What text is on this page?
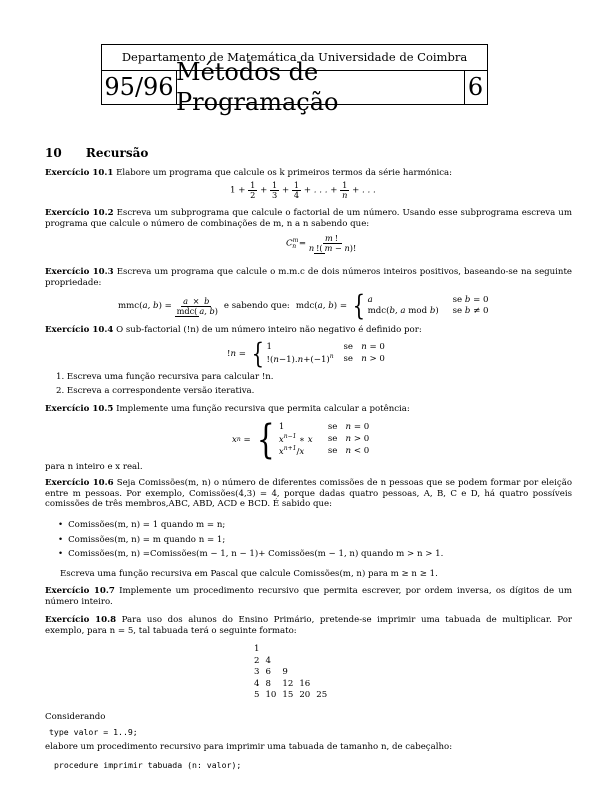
Departamento de Matemática da Universidade de Coimbra
95/96
Métodos de Programação
6
10 Recursão
Exercício 10.1 Elabore um programa que calcule os k primeiros termos da série harmónica:
$1 + \frac{1}{2} + \frac{1}{3} + \frac{1}{4}$ + . . . + $\frac{1}{n}$ + . . .
Exercício 10.2 Escreva um subprograma que calcule o factorial de um número. Usando esse subprograma escreva um programa que calcule o número de combinações de m, n a n sabendo que:
$C^m_n = \frac{m !}{n !( m - n)!}$
Exercício 10.3 Escreva um programa que calcule o m.m.c de dois números inteiros positivos, baseando-se na seguinte propriedade:
mmc( a, b ) = $\frac{a \times b}{\text{mdc( a, b)}}$ e sabendo que: mdc( a, b ) = { a	se b = 0
mdc(b, a mod b)	se b ≠ 0
Exercício 10.4 O sub-factorial (!n) de um número inteiro não negativo é definido por:
! n = { 1	se   n = 0
$!(n-1).n+(-1)^n$	se   n > 0
1. Escreva uma função recursiva para calcular !n.
2. Escreva a correspondente versão iterativa.
Exercício 10.5 Implemente uma função recursiva que permita calcular a potência:
x n = { 1	se   n = 0
$x^{n-1}$ ∗ x	se   n > 0
$x^{n+1}/x$	se   n < 0
para n inteiro e x real.
Exercício 10.6 Seja Comissões(m, n) o número de diferentes comissões de n pessoas que se podem formar por eleição entre m pessoas. Por exemplo, Comissões(4,3) = 4, porque dadas quatro pessoas, A, B, C e D, há quatro possíveis comissões de três membros,ABC, ABD, ACD e BCD. É sabido que:
• Comissões(m, n) = 1 quando m = n;
• Comissões(m, n) = m quando n = 1;
• Comissões(m, n) =Comissões(m − 1, n − 1)+ Comissões(m − 1, n) quando m > n > 1.
Escreva uma função recursiva em Pascal que calcule Comissões(m, n) para m ≥ n ≥ 1.
Exercício 10.7 Implemente um procedimento recursivo que permita escrever, por ordem inversa, os dígitos de um número inteiro.
Exercício 10.8 Para uso dos alunos do Ensino Primário, pretende-se imprimir uma tabuada de multiplicar. Por exemplo, para n = 5, tal tabuada terá o seguinte formato:
1				
2	4			
3	6	9		
4	8	12	16	
5	10	15	20	25
Considerando
type valor = 1..9;
elabore um procedimento recursivo para imprimir uma tabuada de tamanho n, de cabeçalho:
procedure imprimir tabuada (n: valor);
